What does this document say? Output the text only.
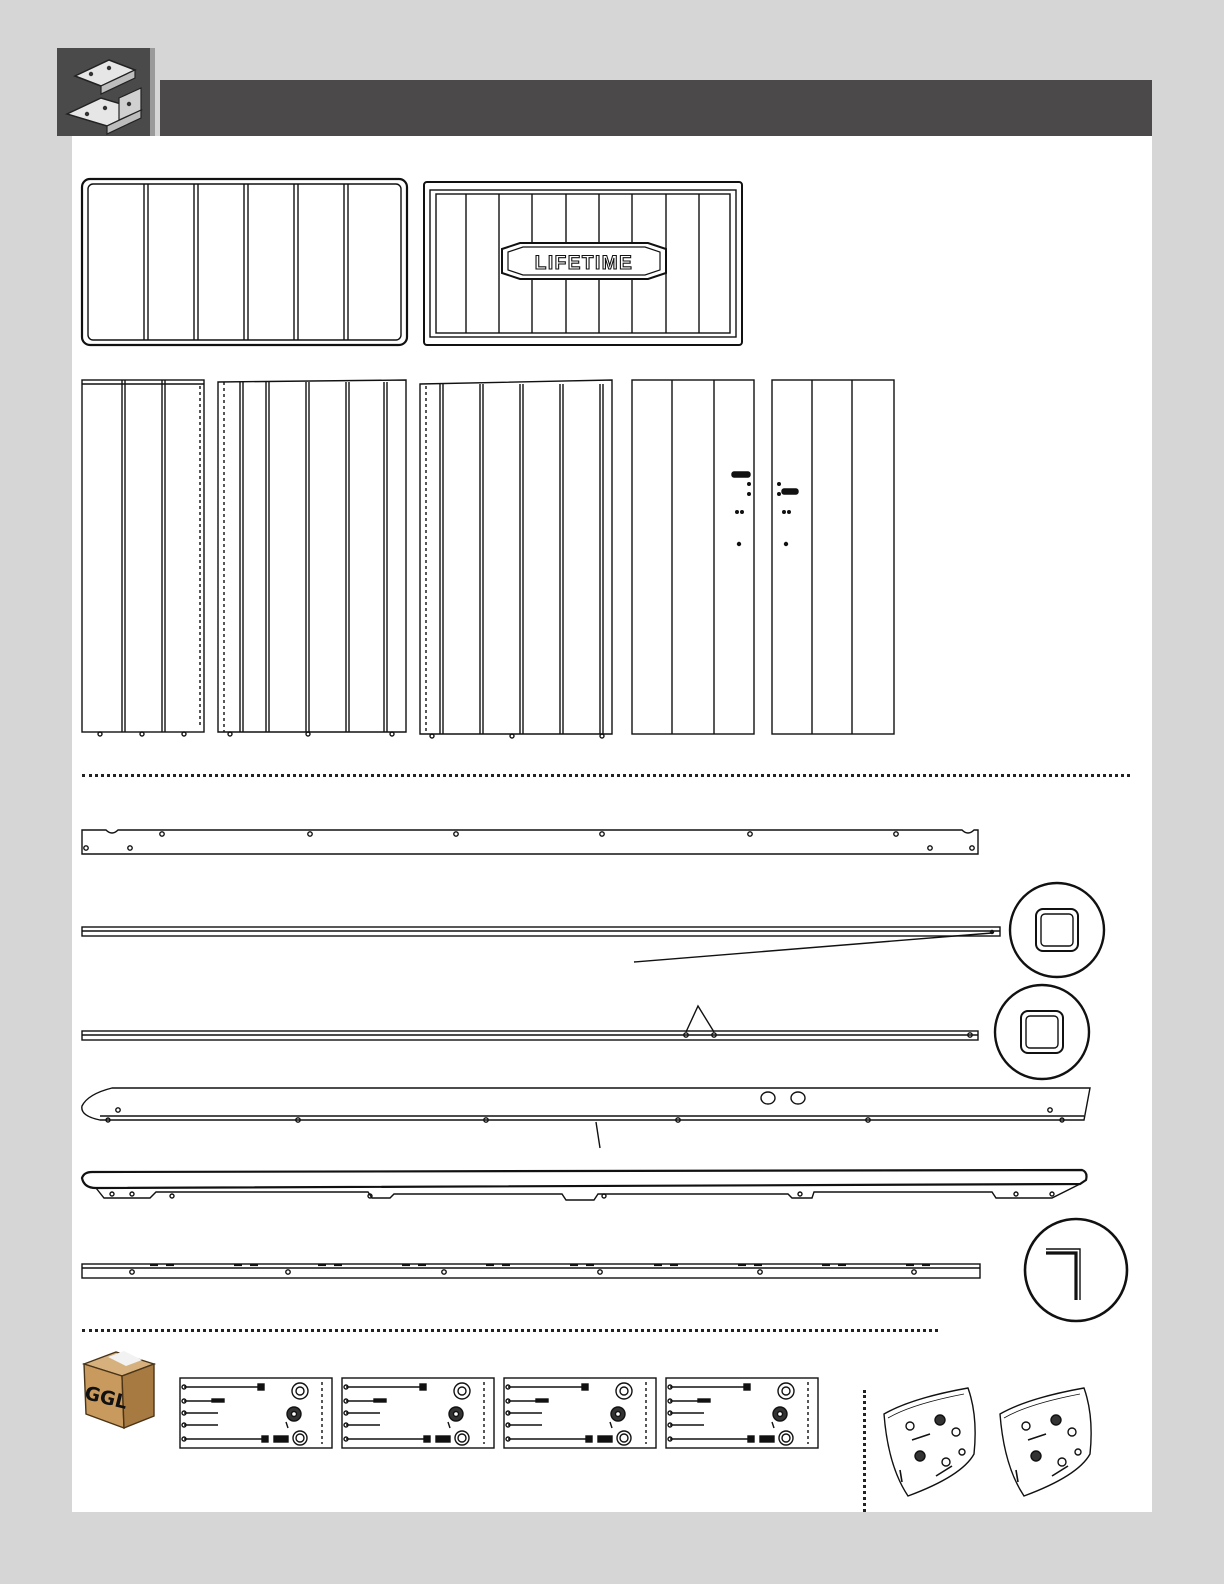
LIFETIME
GGL
